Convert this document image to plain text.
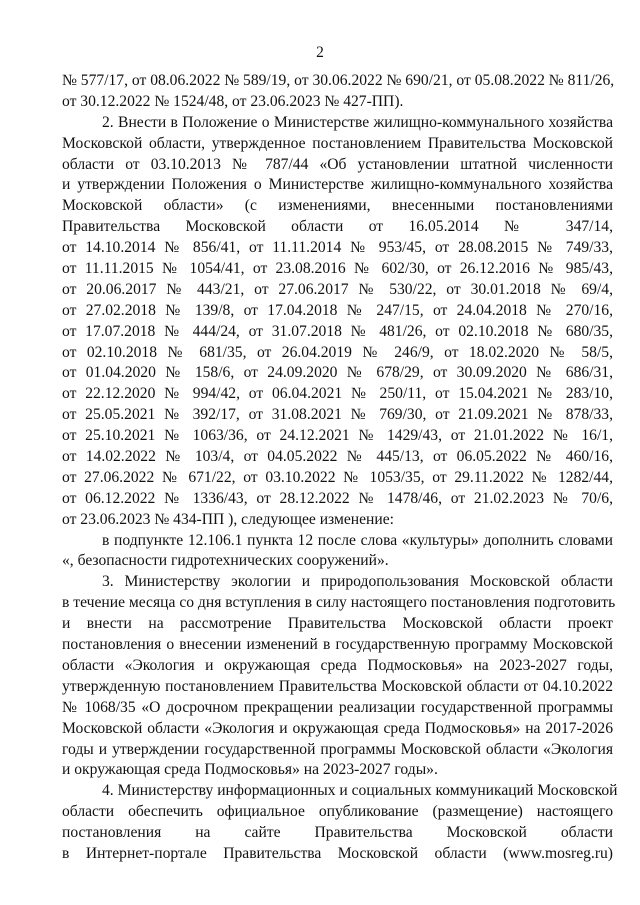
2
№ 577/17, от 08.06.2022 № 589/19, от 30.06.2022 № 690/21, от 05.08.2022 № 811/26,
от 30.12.2022 № 1524/48, от 23.06.2023 № 427-ПП).
2. Внести в Положение о Министерстве жилищно-коммунального хозяйства
Московской области, утвержденное постановлением Правительства Московской
области от 03.10.2013 № 787/44 «Об установлении штатной численности
и утверждении Положения о Министерстве жилищно-коммунального хозяйства
Московской области» (с изменениями, внесенными постановлениями
Правительства Московской области от 16.05.2014 № 347/14,
от 14.10.2014 № 856/41, от 11.11.2014 № 953/45, от 28.08.2015 № 749/33,
от 11.11.2015 № 1054/41, от 23.08.2016 № 602/30, от 26.12.2016 № 985/43,
от 20.06.2017 № 443/21, от 27.06.2017 № 530/22, от 30.01.2018 № 69/4,
от 27.02.2018 № 139/8, от 17.04.2018 № 247/15, от 24.04.2018 № 270/16,
от 17.07.2018 № 444/24, от 31.07.2018 № 481/26, от 02.10.2018 № 680/35,
от 02.10.2018 № 681/35, от 26.04.2019 № 246/9, от 18.02.2020 № 58/5,
от 01.04.2020 № 158/6, от 24.09.2020 № 678/29, от 30.09.2020 № 686/31,
от 22.12.2020 № 994/42, от 06.04.2021 № 250/11, от 15.04.2021 № 283/10,
от 25.05.2021 № 392/17, от 31.08.2021 № 769/30, от 21.09.2021 № 878/33,
от 25.10.2021 № 1063/36, от 24.12.2021 № 1429/43, от 21.01.2022 № 16/1,
от 14.02.2022 № 103/4, от 04.05.2022 № 445/13, от 06.05.2022 № 460/16,
от 27.06.2022 № 671/22, от 03.10.2022 № 1053/35, от 29.11.2022 № 1282/44,
от 06.12.2022 № 1336/43, от 28.12.2022 № 1478/46, от 21.02.2023 № 70/6,
от 23.06.2023 № 434-ПП ), следующее изменение:
в подпункте 12.106.1 пункта 12 после слова «культуры» дополнить словами
«, безопасности гидротехнических сооружений».
3. Министерству экологии и природопользования Московской области
в течение месяца со дня вступления в силу настоящего постановления подготовить
и внести на рассмотрение Правительства Московской области проект
постановления о внесении изменений в государственную программу Московской
области «Экология и окружающая среда Подмосковья» на 2023-2027 годы,
утвержденную постановлением Правительства Московской области от 04.10.2022
№ 1068/35 «О досрочном прекращении реализации государственной программы
Московской области «Экология и окружающая среда Подмосковья» на 2017-2026
годы и утверждении государственной программы Московской области «Экология
и окружающая среда Подмосковья» на 2023-2027 годы».
4. Министерству информационных и социальных коммуникаций Московской
области обеспечить официальное опубликование (размещение) настоящего
постановления на сайте Правительства Московской области
в Интернет-портале Правительства Московской области (www.mosreg.ru)
